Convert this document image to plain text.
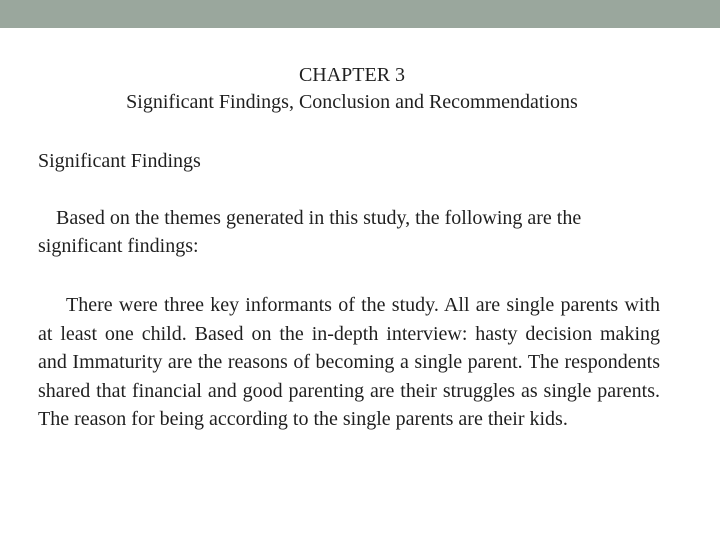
CHAPTER 3
Significant Findings, Conclusion and Recommendations
Significant Findings

Based on the themes generated in this study, the following are the significant findings:

There were three key informants of the study. All are single parents with at least one child. Based on the in-depth interview: hasty decision making and Immaturity are the reasons of becoming a single parent. The respondents shared that financial and good parenting are their struggles as single parents. The reason for being according to the single parents are their kids.
